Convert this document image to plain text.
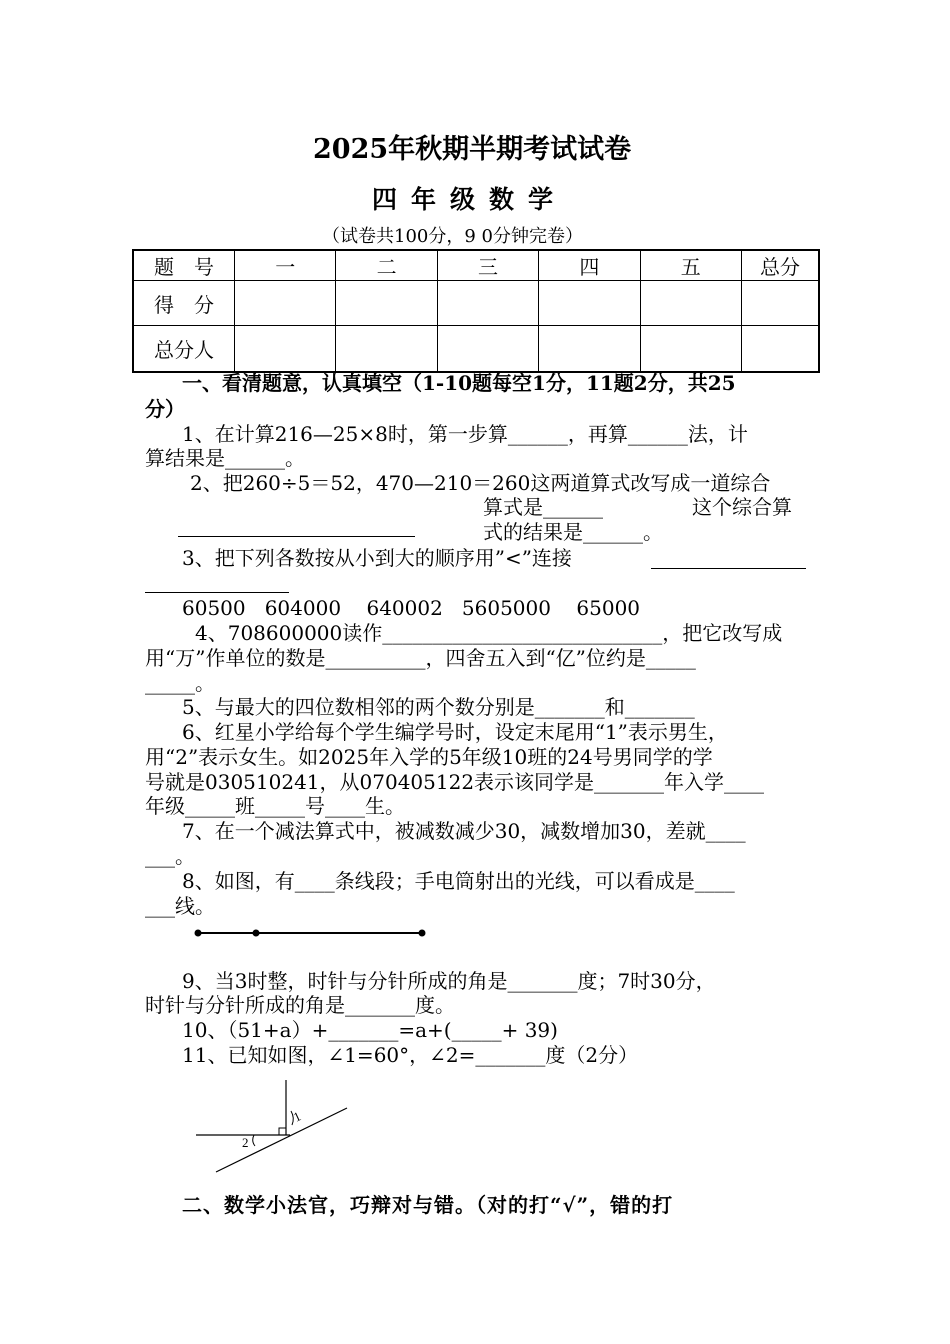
2025年秋期半期考试试卷
四年级数学
（试卷共100分，9 0分钟完卷）
题　号	一	二	三	四	五	总分
得　分						
总分人						
一、看清题意，认真填空（1-10题每空1分，11题2分，共25
分）
1、在计算216—25×8时，第一步算______，再算______法，计
算结果是______。
2、把260÷5＝52，470—210＝260这两道算式改写成一道综合
算式是______	这个综合算
式的结果是______。
3、把下列各数按从小到大的顺序用”<”连接
60500   604000    640002   5605000    65000
4、708600000读作____________________________，把它改写成
用“万”作单位的数是__________，四舍五入到“亿”位约是_____
_____。
5、与最大的四位数相邻的两个数分别是_______和_______
6、红星小学给每个学生编学号时，设定末尾用“1”表示男生，
用“2”表示女生。如2025年入学的5年级10班的24号男同学的学
号就是030510241，从070405122表示该同学是_______年入学____
年级_____班_____号____生。
7、在一个减法算式中，被减数减少30，减数增加30，差就____
___。
8、如图，有____条线段；手电筒射出的光线，可以看成是____
___线。
9、当3时整，时针与分针所成的角是_______度；7时30分，
时针与分针所成的角是_______度。
10、（51+a）+_______=a+(_____+ 39)
11、已知如图，∠1=60°，∠2=_______度（2分）
1
2
二、数学小法官，巧辩对与错。（对的打“√”，错的打
